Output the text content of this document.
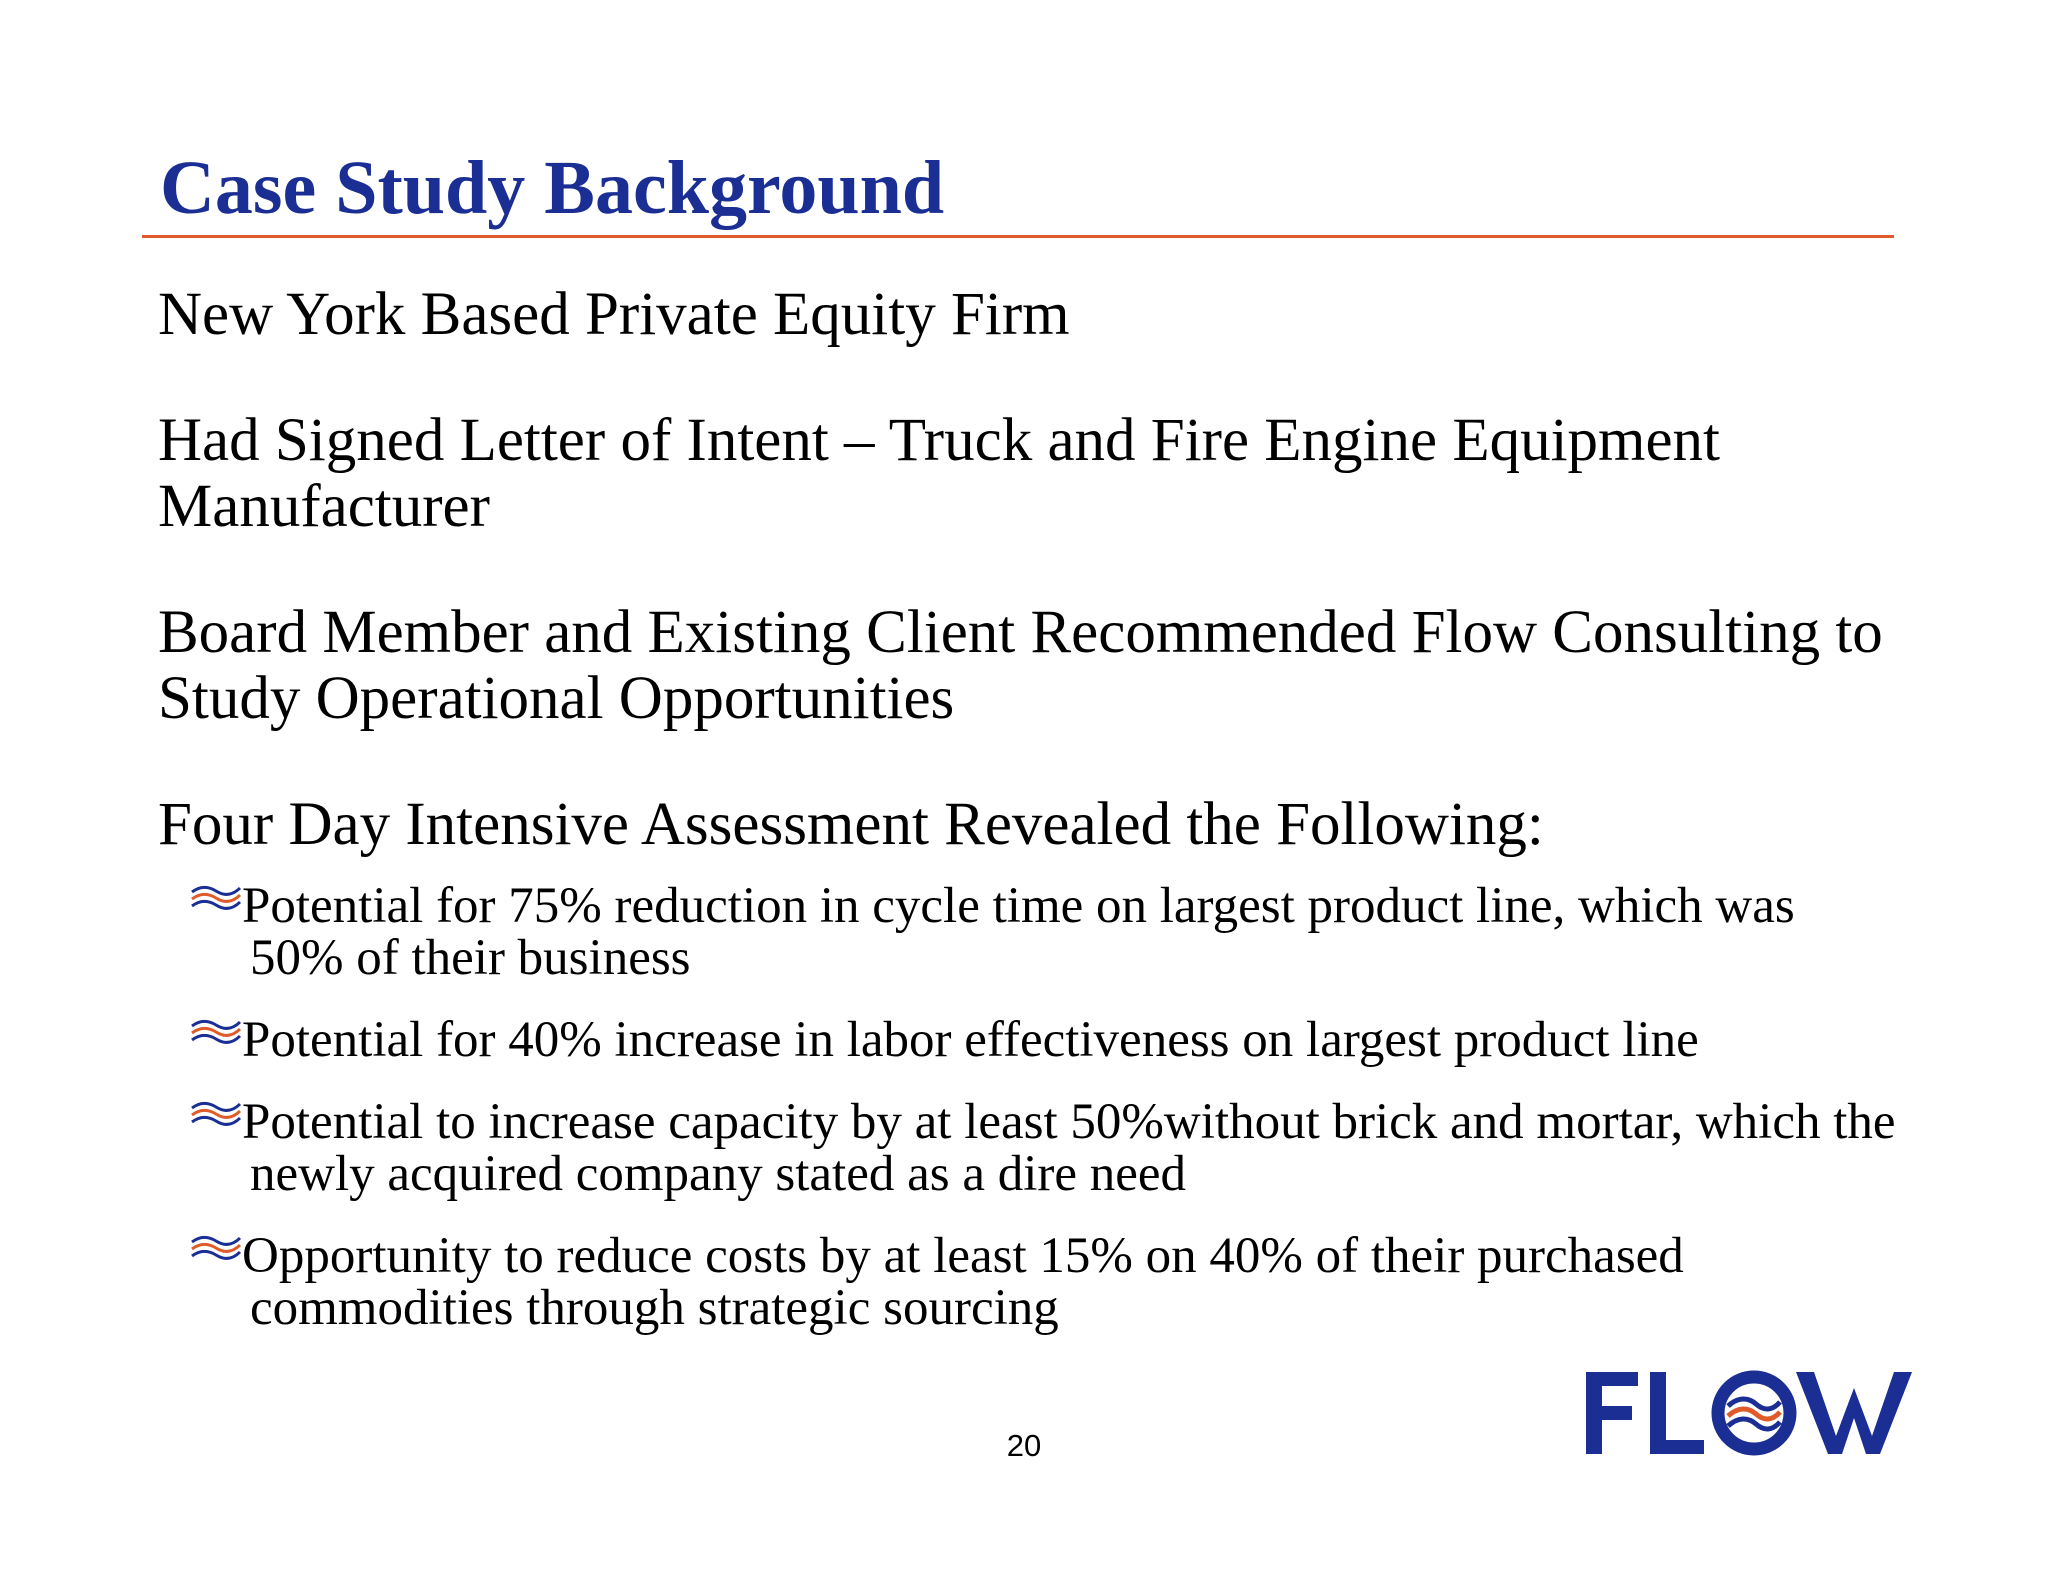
Case Study Background

New York Based Private Equity Firm

Had Signed Letter of Intent – Truck and Fire Engine Equipment Manufacturer

Board Member and Existing Client Recommended Flow Consulting to Study Operational Opportunities

Four Day Intensive Assessment Revealed the Following:

Potential for 75% reduction in cycle time on largest product line, which was 50% of their business
Potential for 40% increase in labor effectiveness on largest product line
Potential to increase capacity by at least 50%without brick and mortar, which the newly acquired company stated as a dire need
Opportunity to reduce costs by at least 15% on 40% of their purchased commodities through strategic sourcing
20
